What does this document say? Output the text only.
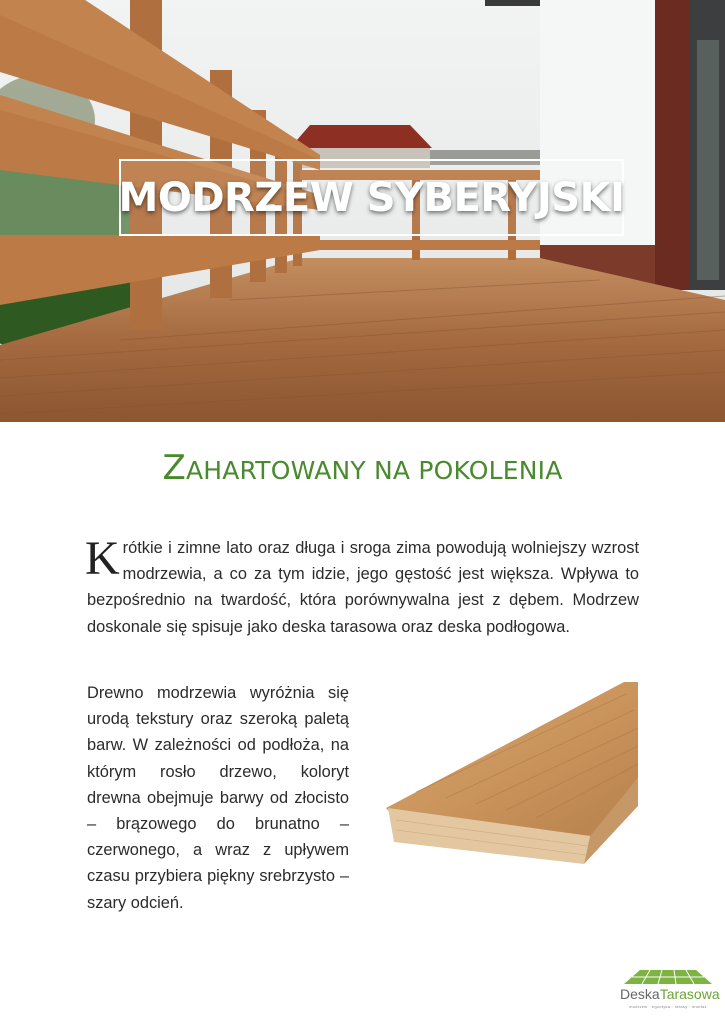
MODRZEW SYBERYJSKI
ZAHARTOWANY NA POKOLENIA

Krótkie i zimne lato oraz długa i sroga zima powodują wolniejszy wzrost modrzewia, a co za tym idzie, jego gęstość jest większa. Wpływa to bezpośrednio na twardość, która porównywalna jest z dębem. Modrzew doskonale się spisuje jako deska tarasowa oraz deska podłogowa.

Drewno modrzewia wyróżnia się urodą tekstury oraz szeroką paletą barw. W zależności od podłoża, na którym rosło drzewo, koloryt drewna obejmuje barwy od złocisto – brązowego do brunatno – czerwonego, a wraz z upływem czasu przybiera piękny srebrzysto – szary odcień.

DeskaTarasowa
modrzew · egzotyka · tarasy · montaż
